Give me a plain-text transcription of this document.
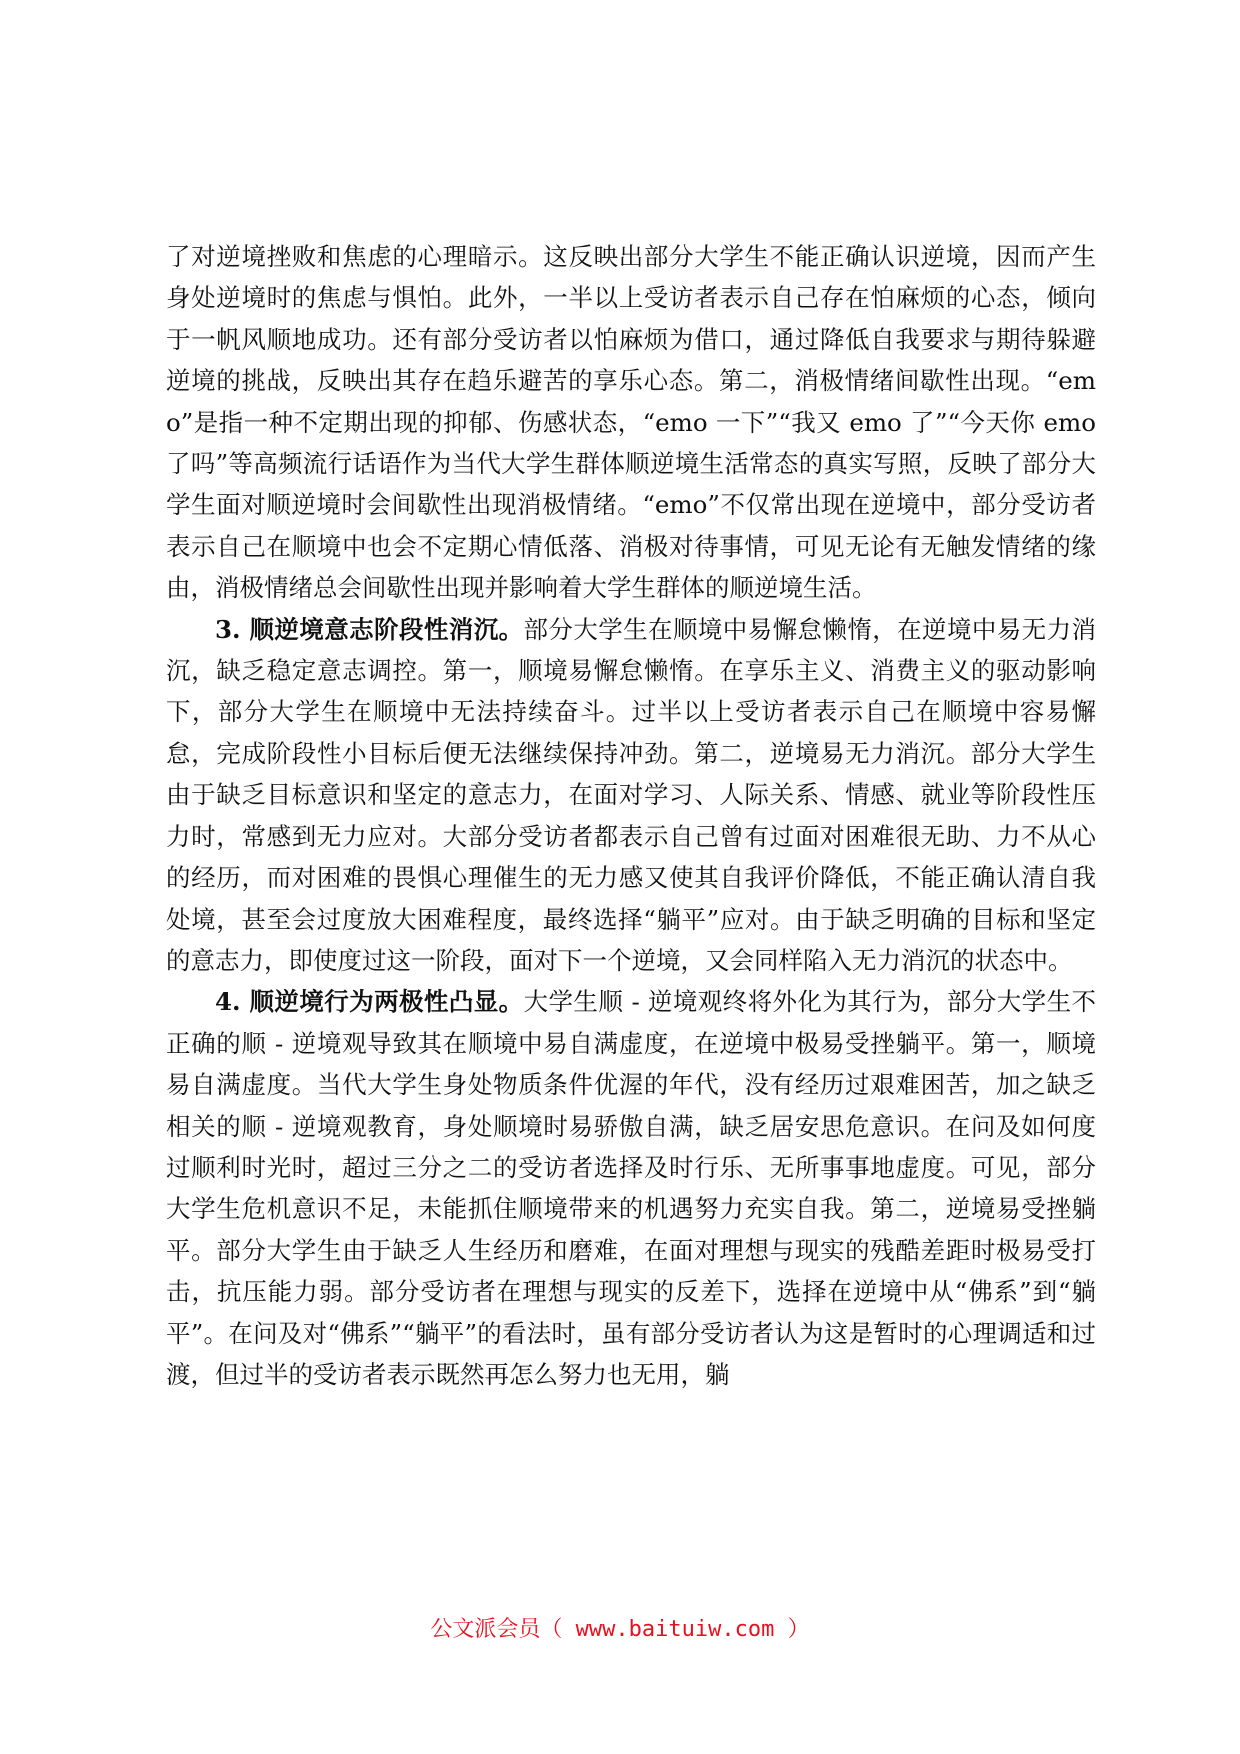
了对逆境挫败和焦虑的心理暗示。这反映出部分大学生不能正确认识逆境，因而产生身处逆境时的焦虑与惧怕。此外，一半以上受访者表示自己存在怕麻烦的心态，倾向于一帆风顺地成功。还有部分受访者以怕麻烦为借口，通过降低自我要求与期待躲避逆境的挑战，反映出其存在趋乐避苦的享乐心态。第二，消极情绪间歇性出现。“emo”是指一种不定期出现的抑郁、伤感状态，“emo 一下”“我又 emo 了”“今天你 emo 了吗”等高频流行话语作为当代大学生群体顺逆境生活常态的真实写照，反映了部分大学生面对顺逆境时会间歇性出现消极情绪。“emo”不仅常出现在逆境中，部分受访者表示自己在顺境中也会不定期心情低落、消极对待事情，可见无论有无触发情绪的缘由，消极情绪总会间歇性出现并影响着大学生群体的顺逆境生活。

3. 顺逆境意志阶段性消沉。部分大学生在顺境中易懈怠懒惰，在逆境中易无力消沉，缺乏稳定意志调控。第一，顺境易懈怠懒惰。在享乐主义、消费主义的驱动影响下，部分大学生在顺境中无法持续奋斗。过半以上受访者表示自己在顺境中容易懈怠，完成阶段性小目标后便无法继续保持冲劲。第二，逆境易无力消沉。部分大学生由于缺乏目标意识和坚定的意志力，在面对学习、人际关系、情感、就业等阶段性压力时，常感到无力应对。大部分受访者都表示自己曾有过面对困难很无助、力不从心的经历，而对困难的畏惧心理催生的无力感又使其自我评价降低，不能正确认清自我处境，甚至会过度放大困难程度，最终选择“躺平”应对。由于缺乏明确的目标和坚定的意志力，即使度过这一阶段，面对下一个逆境，又会同样陷入无力消沉的状态中。

4. 顺逆境行为两极性凸显。大学生顺 - 逆境观终将外化为其行为，部分大学生不正确的顺 - 逆境观导致其在顺境中易自满虚度，在逆境中极易受挫躺平。第一，顺境易自满虚度。当代大学生身处物质条件优渥的年代，没有经历过艰难困苦，加之缺乏相关的顺 - 逆境观教育，身处顺境时易骄傲自满，缺乏居安思危意识。在问及如何度过顺利时光时，超过三分之二的受访者选择及时行乐、无所事事地虚度。可见，部分大学生危机意识不足，未能抓住顺境带来的机遇努力充实自我。第二，逆境易受挫躺平。部分大学生由于缺乏人生经历和磨难，在面对理想与现实的残酷差距时极易受打击，抗压能力弱。部分受访者在理想与现实的反差下，选择在逆境中从“佛系”到“躺平”。在问及对“佛系”“躺平”的看法时，虽有部分受访者认为这是暂时的心理调适和过渡，但过半的受访者表示既然再怎么努力也无用，躺

公文派会员（ www.baituiw.com ）
